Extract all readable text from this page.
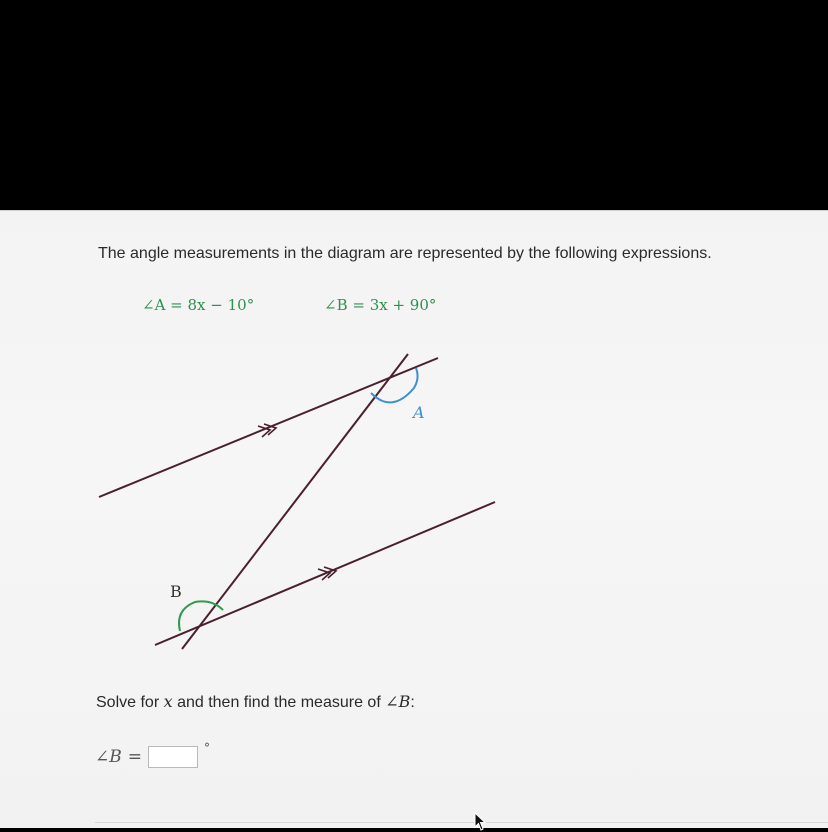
The angle measurements in the diagram are represented by the following expressions.
∠A = 8x − 10°	∠B = 3x + 90°
A
B
Solve for x and then find the measure of ∠B:
∠B =	°
